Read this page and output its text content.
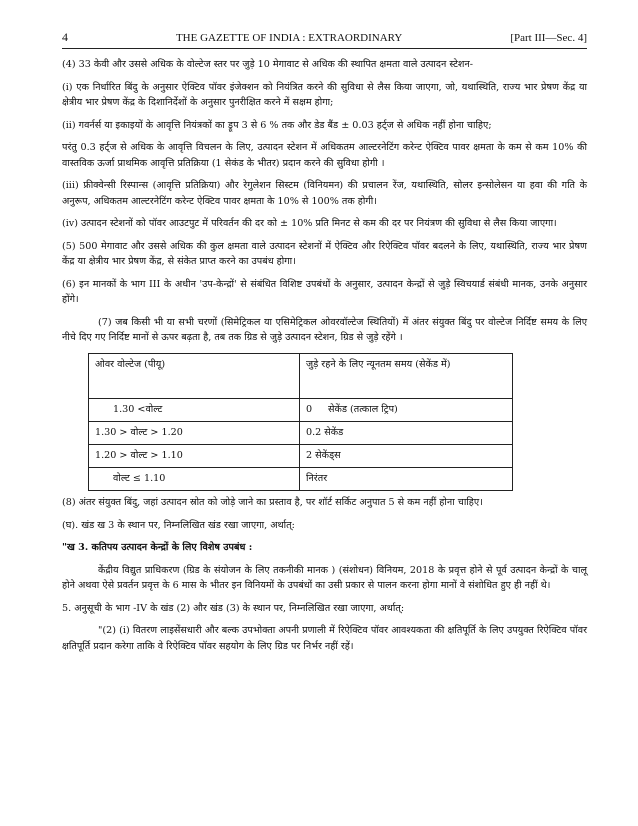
4	THE GAZETTE OF INDIA : EXTRAORDINARY	[Part III—Sec. 4]

(4) 33 केवी और उससे अधिक के वोल्टेज स्तर पर जुड़े 10 मेगावाट से अधिक की स्थापित क्षमता वाले उत्पादन स्टेशन-

(i) एक निर्धारित बिंदु के अनुसार ऐक्टिव पॉवर इंजेक्शन को नियंत्रित करने की सुविधा से लैस किया जाएगा, जो, यथास्थिति, राज्य भार प्रेषण केंद्र या क्षेत्रीय भार प्रेषण केंद्र के दिशानिर्देशों के अनुसार पुनरीक्षित करने में सक्षम होगा;

(ii) गवर्नर्स या इकाइयों के आवृत्ति नियंत्रकों का ड्रूप 3 से 6 % तक और डेड बैंड ± 0.03 हर्ट्ज से अधिक नहीं होना चाहिए;

परंतु 0.3 हर्ट्ज से अधिक के आवृत्ति विचलन के लिए, उत्पादन स्टेशन में अधिकतम आल्टरनेटिंग करेन्ट ऐक्टिव पावर क्षमता के कम से कम 10% की वास्तविक ऊर्जा प्राथमिक आवृत्ति प्रतिक्रिया (1 सेकंड के भीतर) प्रदान करने की सुविधा होगी ।

(iii) फ्रीक्वेन्सी रिस्पान्स (आवृत्ति प्रतिक्रिया) और रेगुलेशन सिस्टम (विनियमन) की प्रचालन रेंज, यथास्थिति, सोलर इन्सोलेसन या हवा की गति के अनुरूप, अधिकतम आल्टरनेटिंग करेन्ट ऐक्टिव पावर क्षमता के 10% से 100% तक होगी।

(iv) उत्पादन स्टेशनों को पॉवर आउटपुट में परिवर्तन की दर को ± 10% प्रति मिनट से कम की दर पर नियंत्रण की सुविधा से लैस किया जाएगा।

(5) 500 मेगावाट और उससे अधिक की कुल क्षमता वाले उत्पादन स्टेशनों में ऐक्टिव और रिऐक्टिव पॉवर बदलने के लिए, यथास्थिति, राज्य भार प्रेषण केंद्र या क्षेत्रीय भार प्रेषण केंद्र, से संकेत प्राप्त करने का उपबंध होगा।

(6) इन मानकों के भाग III के अधीन 'उप-केन्द्रों' से संबंधित विशिष्ट उपबंधों के अनुसार, उत्पादन केन्द्रों से जुड़े स्विचयार्ड संबंधी मानक, उनके अनुसार होंगे।

(7) जब किसी भी या सभी चरणों (सिमेट्रिकल या एसिमेट्रिकल ओवरवॉल्टेज स्थितियों) में अंतर संयुक्त बिंदु पर वोल्टेज निर्दिष्ट समय के लिए नीचे दिए गए निर्दिष्ट मानों से ऊपर बढ़ता है, तब तक ग्रिड से जुड़े उत्पादन स्टेशन, ग्रिड से जुड़े रहेंगे ।

ओवर वोल्टेज (पीयू)	जुड़े रहने के लिए न्यूनतम समय (सेकेंड में)
1.30 <वोल्ट	0 सेकेंड (तत्काल ट्रिप)
1.30 > वोल्ट > 1.20	0.2 सेकेंड
1.20 > वोल्ट > 1.10	2 सेकेंड्स
वोल्ट ≤ 1.10	निरंतर

(8) अंतर संयुक्त बिंदु, जहां उत्पादन स्रोत को जोड़े जाने का प्रस्ताव है, पर शॉर्ट सर्किट अनुपात 5 से कम नहीं होना चाहिए।

(घ). खंड ख 3 के स्थान पर, निम्नलिखित खंड रखा जाएगा, अर्थात्:

"ख 3. कतिपय उत्पादन केन्द्रों के लिए विशेष उपबंध :

केंद्रीय विद्युत प्राधिकरण (ग्रिड के संयोजन के लिए तकनीकी मानक ) (संशोधन) विनियम, 2018 के प्रवृत्त होने से पूर्व उत्पादन केन्द्रों के चालू होने अथवा ऐसे प्रवर्तन प्रवृत्त के 6 मास के भीतर इन विनियमों के उपबंधों का उसी प्रकार से पालन करना होगा मानों वे संशोधित हुए ही नहीं थे।

5. अनुसूची के भाग -IV के खंड (2) और खंड (3) के स्थान पर, निम्नलिखित रखा जाएगा, अर्थात्:

"(2) (i) वितरण लाइसेंसधारी और बल्क उपभोक्ता अपनी प्रणाली में रिऐक्टिव पॉवर आवश्यकता की क्षतिपूर्ति के लिए उपयुक्त रिऐक्टिव पॉवर क्षतिपूर्ति प्रदान करेगा ताकि वे रिऐक्टिव पॉवर सहयोग के लिए ग्रिड पर निर्भर नहीं रहें।
